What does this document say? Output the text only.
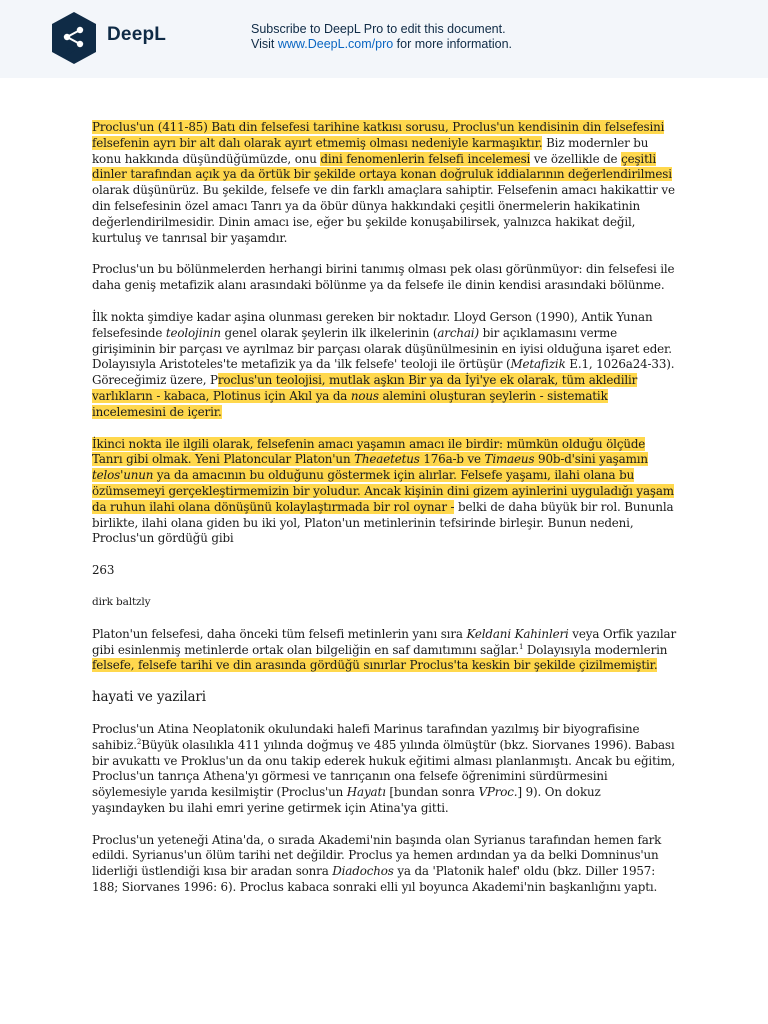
DeepL	Subscribe to DeepL Pro to edit this document.
Visit www.DeepL.com/pro for more information.

Proclus'un (411-85) Batı din felsefesi tarihine katkısı sorusu, Proclus'un kendisinin din felsefesini felsefenin ayrı bir alt dalı olarak ayırt etmemiş olması nedeniyle karmaşıktır. Biz modernler bu konu hakkında düşündüğümüzde, onu dini fenomenlerin felsefi incelemesi ve özellikle de çeşitli dinler tarafından açık ya da örtük bir şekilde ortaya konan doğruluk iddialarının değerlendirilmesi olarak düşünürüz. Bu şekilde, felsefe ve din farklı amaçlara sahiptir. Felsefenin amacı hakikattir ve din felsefesinin özel amacı Tanrı ya da öbür dünya hakkındaki çeşitli önermelerin hakikatinin değerlendirilmesidir. Dinin amacı ise, eğer bu şekilde konuşabilirsek, yalnızca hakikat değil, kurtuluş ve tanrısal bir yaşamdır.

Proclus'un bu bölünmelerden herhangi birini tanımış olması pek olası görünmüyor: din felsefesi ile daha geniş metafizik alanı arasındaki bölünme ya da felsefe ile dinin kendisi arasındaki bölünme.

İlk nokta şimdiye kadar aşina olunması gereken bir noktadır. Lloyd Gerson (1990), Antik Yunan felsefesinde teolojinin genel olarak şeylerin ilk ilkelerinin (archai) bir açıklamasını verme girişiminin bir parçası ve ayrılmaz bir parçası olarak düşünülmesinin en iyisi olduğuna işaret eder. Dolayısıyla Aristoteles'te metafizik ya da 'ilk felsefe' teoloji ile örtüşür (Metafizik E.1, 1026a24-33). Göreceğimiz üzere, Proclus'un teolojisi, mutlak aşkın Bir ya da İyi'ye ek olarak, tüm akledilir varlıkların - kabaca, Plotinus için Akıl ya da nous alemini oluşturan şeylerin - sistematik incelemesini de içerir.

İkinci nokta ile ilgili olarak, felsefenin amacı yaşamın amacı ile birdir: mümkün olduğu ölçüde Tanrı gibi olmak. Yeni Platoncular Platon'un Theaetetus 176a-b ve Timaeus 90b-d'sini yaşamın telos'unun ya da amacının bu olduğunu göstermek için alırlar. Felsefe yaşamı, ilahi olana bu özümsemeyi gerçekleştirmemizin bir yoludur. Ancak kişinin dini gizem ayinlerini uyguladığı yaşam da ruhun ilahi olana dönüşünü kolaylaştırmada bir rol oynar - belki de daha büyük bir rol. Bununla birlikte, ilahi olana giden bu iki yol, Platon'un metinlerinin tefsirinde birleşir. Bunun nedeni, Proclus'un gördüğü gibi

263

dirk baltzly

Platon'un felsefesi, daha önceki tüm felsefi metinlerin yanı sıra Keldani Kahinleri veya Orfik yazılar gibi esinlenmiş metinlerde ortak olan bilgeliğin en saf damıtımını sağlar.$^1$ Dolayısıyla modernlerin felsefe, felsefe tarihi ve din arasında gördüğü sınırlar Proclus'ta keskin bir şekilde çizilmemiştir.

hayati ve yazilari

Proclus'un Atina Neoplatonik okulundaki halefi Marinus tarafından yazılmış bir biyografisine sahibiz.$^2$Büyük olasılıkla 411 yılında doğmuş ve 485 yılında ölmüştür (bkz. Siorvanes 1996). Babası bir avukattı ve Proklus'un da onu takip ederek hukuk eğitimi alması planlanmıştı. Ancak bu eğitim, Proclus'un tanrıça Athena'yı görmesi ve tanrıçanın ona felsefe öğrenimini sürdürmesini söylemesiyle yarıda kesilmiştir (Proclus'un Hayatı [bundan sonra VProc.] 9). On dokuz yaşındayken bu ilahi emri yerine getirmek için Atina'ya gitti.

Proclus'un yeteneği Atina'da, o sırada Akademi'nin başında olan Syrianus tarafından hemen fark edildi. Syrianus'un ölüm tarihi net değildir. Proclus ya hemen ardından ya da belki Domninus'un liderliği üstlendiği kısa bir aradan sonra Diadochos ya da 'Platonik halef' oldu (bkz. Diller 1957: 188; Siorvanes 1996: 6). Proclus kabaca sonraki elli yıl boyunca Akademi'nin başkanlığını yaptı.
